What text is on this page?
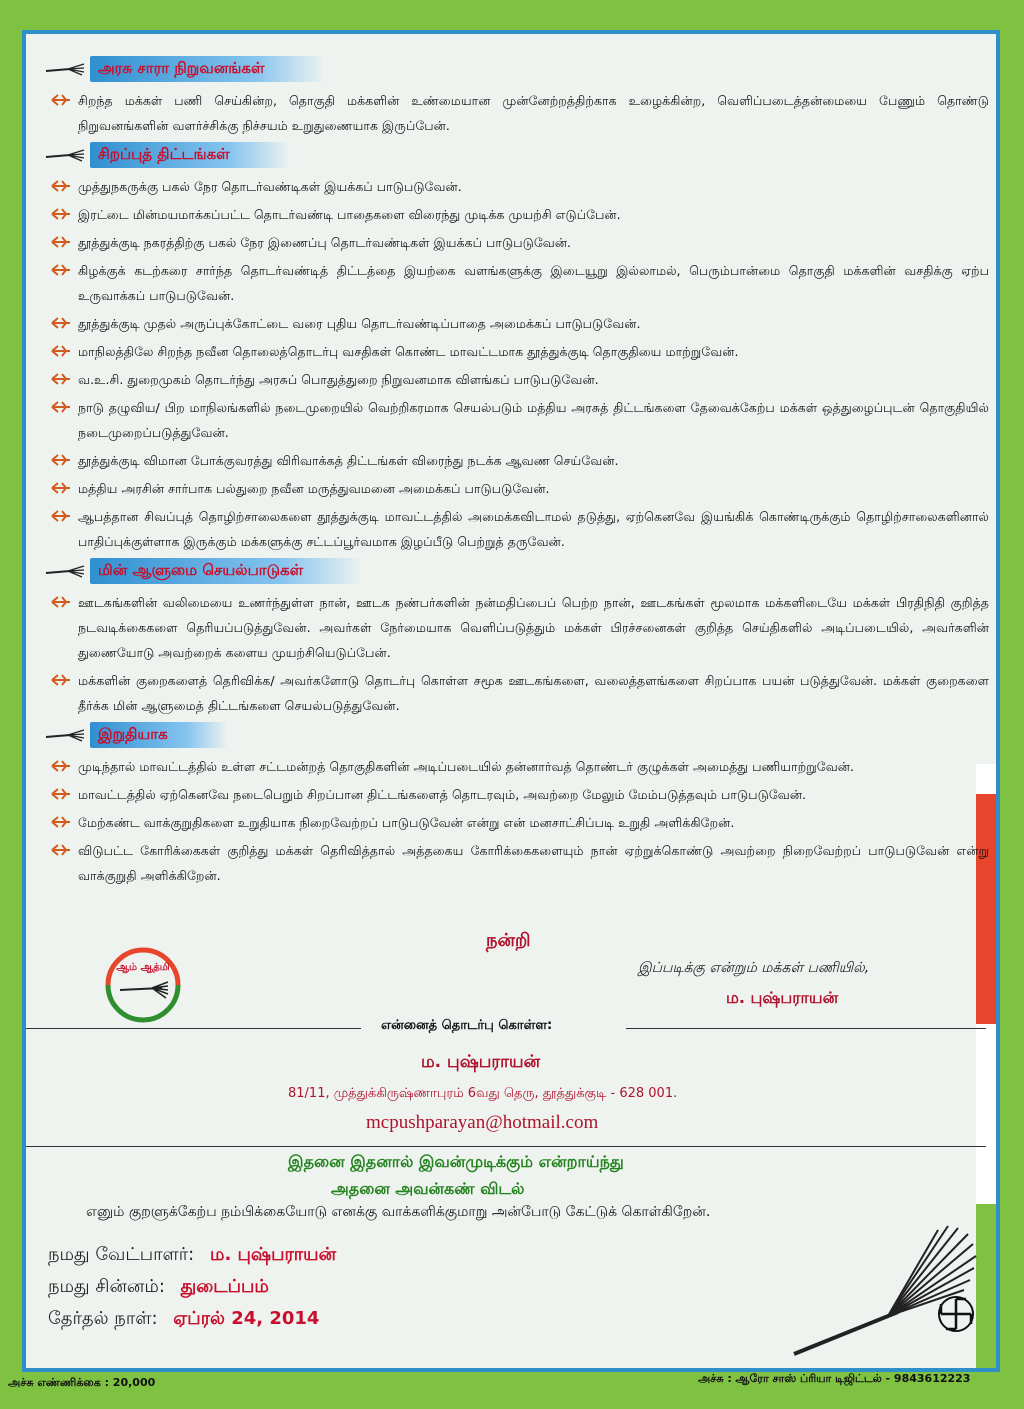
அரசு சாரா நிறுவனங்கள்
சிறந்த மக்கள் பணி செய்கின்ற, தொகுதி மக்களின் உண்மையான முன்னேற்றத்திற்காக உழைக்கின்ற, வெளிப்படைத்தன்மையை பேணும் தொண்டு நிறுவனங்களின் வளர்ச்சிக்கு நிச்சயம் உறுதுணையாக இருப்பேன்.
சிறப்புத் திட்டங்கள்
முத்துநகருக்கு பகல் நேர தொடர்வண்டிகள் இயக்கப் பாடுபடுவேன்.
இரட்டை மின்மயமாக்கப்பட்ட தொடர்வண்டி பாதைகளை விரைந்து முடிக்க முயற்சி எடுப்பேன்.
தூத்துக்குடி நகரத்திற்கு பகல் நேர இணைப்பு தொடர்வண்டிகள் இயக்கப் பாடுபடுவேன்.
கிழக்குக் கடற்கரை சார்ந்த தொடர்வண்டித் திட்டத்தை இயற்கை வளங்களுக்கு இடையூறு இல்லாமல், பெரும்பான்மை தொகுதி மக்களின் வசதிக்கு ஏற்ப உருவாக்கப் பாடுபடுவேன்.
தூத்துக்குடி முதல் அருப்புக்கோட்டை வரை புதிய தொடர்வண்டிப்பாதை அமைக்கப் பாடுபடுவேன்.
மாநிலத்திலே சிறந்த நவீன தொலைத்தொடர்பு வசதிகள் கொண்ட மாவட்டமாக தூத்துக்குடி தொகுதியை மாற்றுவேன்.
வ.உ.சி. துறைமுகம் தொடர்ந்து அரசுப் பொதுத்துறை நிறுவனமாக விளங்கப் பாடுபடுவேன்.
நாடு தழுவிய/ பிற மாநிலங்களில் நடைமுறையில் வெற்றிகரமாக செயல்படும் மத்திய அரசுத் திட்டங்களை தேவைக்கேற்ப மக்கள் ஒத்துழைப்புடன் தொகுதியில் நடைமுறைப்படுத்துவேன்.
தூத்துக்குடி விமான போக்குவரத்து விரிவாக்கத் திட்டங்கள் விரைந்து நடக்க ஆவண செய்வேன்.
மத்திய அரசின் சார்பாக பல்துறை நவீன மருத்துவமனை அமைக்கப் பாடுபடுவேன்.
ஆபத்தான சிவப்புத் தொழிற்சாலைகளை தூத்துக்குடி மாவட்டத்தில் அமைக்கவிடாமல் தடுத்து, ஏற்கெனவே இயங்கிக் கொண்டிருக்கும் தொழிற்சாலைகளினால் பாதிப்புக்குள்ளாக இருக்கும் மக்களுக்கு சட்டப்பூர்வமாக இழப்பீடு பெற்றுத் தருவேன்.
மின் ஆளுமை செயல்பாடுகள்
ஊடகங்களின் வலிமையை உணர்ந்துள்ள நான், ஊடக நண்பர்களின் நன்மதிப்பைப் பெற்ற நான், ஊடகங்கள் மூலமாக மக்களிடையே மக்கள் பிரதிநிதி குறித்த நடவடிக்கைகளை தெரியப்படுத்துவேன். அவர்கள் நேர்மையாக வெளிப்படுத்தும் மக்கள் பிரச்சனைகள் குறித்த செய்திகளில் அடிப்படையில், அவர்களின் துணையோடு அவற்றைக் களைய முயற்சியெடுப்பேன்.
மக்களின் குறைகளைத் தெரிவிக்க/ அவர்களோடு தொடர்பு கொள்ள சமூக ஊடகங்களை, வலைத்தளங்களை சிறப்பாக பயன் படுத்துவேன். மக்கள் குறைகளை தீர்க்க மின் ஆளுமைத் திட்டங்களை செயல்படுத்துவேன்.
இறுதியாக
முடிந்தால் மாவட்டத்தில் உள்ள சட்டமன்றத் தொகுதிகளின் அடிப்படையில் தன்னார்வத் தொண்டர் குழுக்கள் அமைத்து பணியாற்றுவேன்.
மாவட்டத்தில் ஏற்கெனவே நடைபெறும் சிறப்பான திட்டங்களைத் தொடரவும், அவற்றை மேலும் மேம்படுத்தவும் பாடுபடுவேன்.
மேற்கண்ட வாக்குறுதிகளை உறுதியாக நிறைவேற்றப் பாடுபடுவேன் என்று என் மனசாட்சிப்படி உறுதி அளிக்கிறேன்.
விடுபட்ட கோரிக்கைகள் குறித்து மக்கள் தெரிவித்தால் அத்தகைய கோரிக்கைகளையும் நான் ஏற்றுக்கொண்டு அவற்றை நிறைவேற்றப் பாடுபடுவேன் என்று வாக்குறுதி அளிக்கிறேன்.
நன்றி
ஆம் ஆத்மி	இப்படிக்கு என்றும் மக்கள் பணியில்,
ம. புஷ்பராயன்
என்னைத் தொடர்பு கொள்ள:
ம. புஷ்பராயன்
81/11, முத்துக்கிருஷ்ணாபுரம் 6வது தெரு, தூத்துக்குடி - 628 001.
mcpushparayan@hotmail.com
இதனை இதனால் இவன்முடிக்கும் என்றாய்ந்து
அதனை அவன்கண் விடல்
எனும் குறளுக்கேற்ப நம்பிக்கையோடு எனக்கு வாக்களிக்குமாறு அன்போடு கேட்டுக் கொள்கிறேன்.
நமது வேட்பாளர்: ம. புஷ்பராயன்
நமது சின்னம்: துடைப்பம்
தேர்தல் நாள்: ஏப்ரல் 24, 2014
அச்சு எண்ணிக்கை : 20,000	அச்சு : ஆரோ சாஸ் ப்ரியா டிஜிட்டல் - 9843612223
